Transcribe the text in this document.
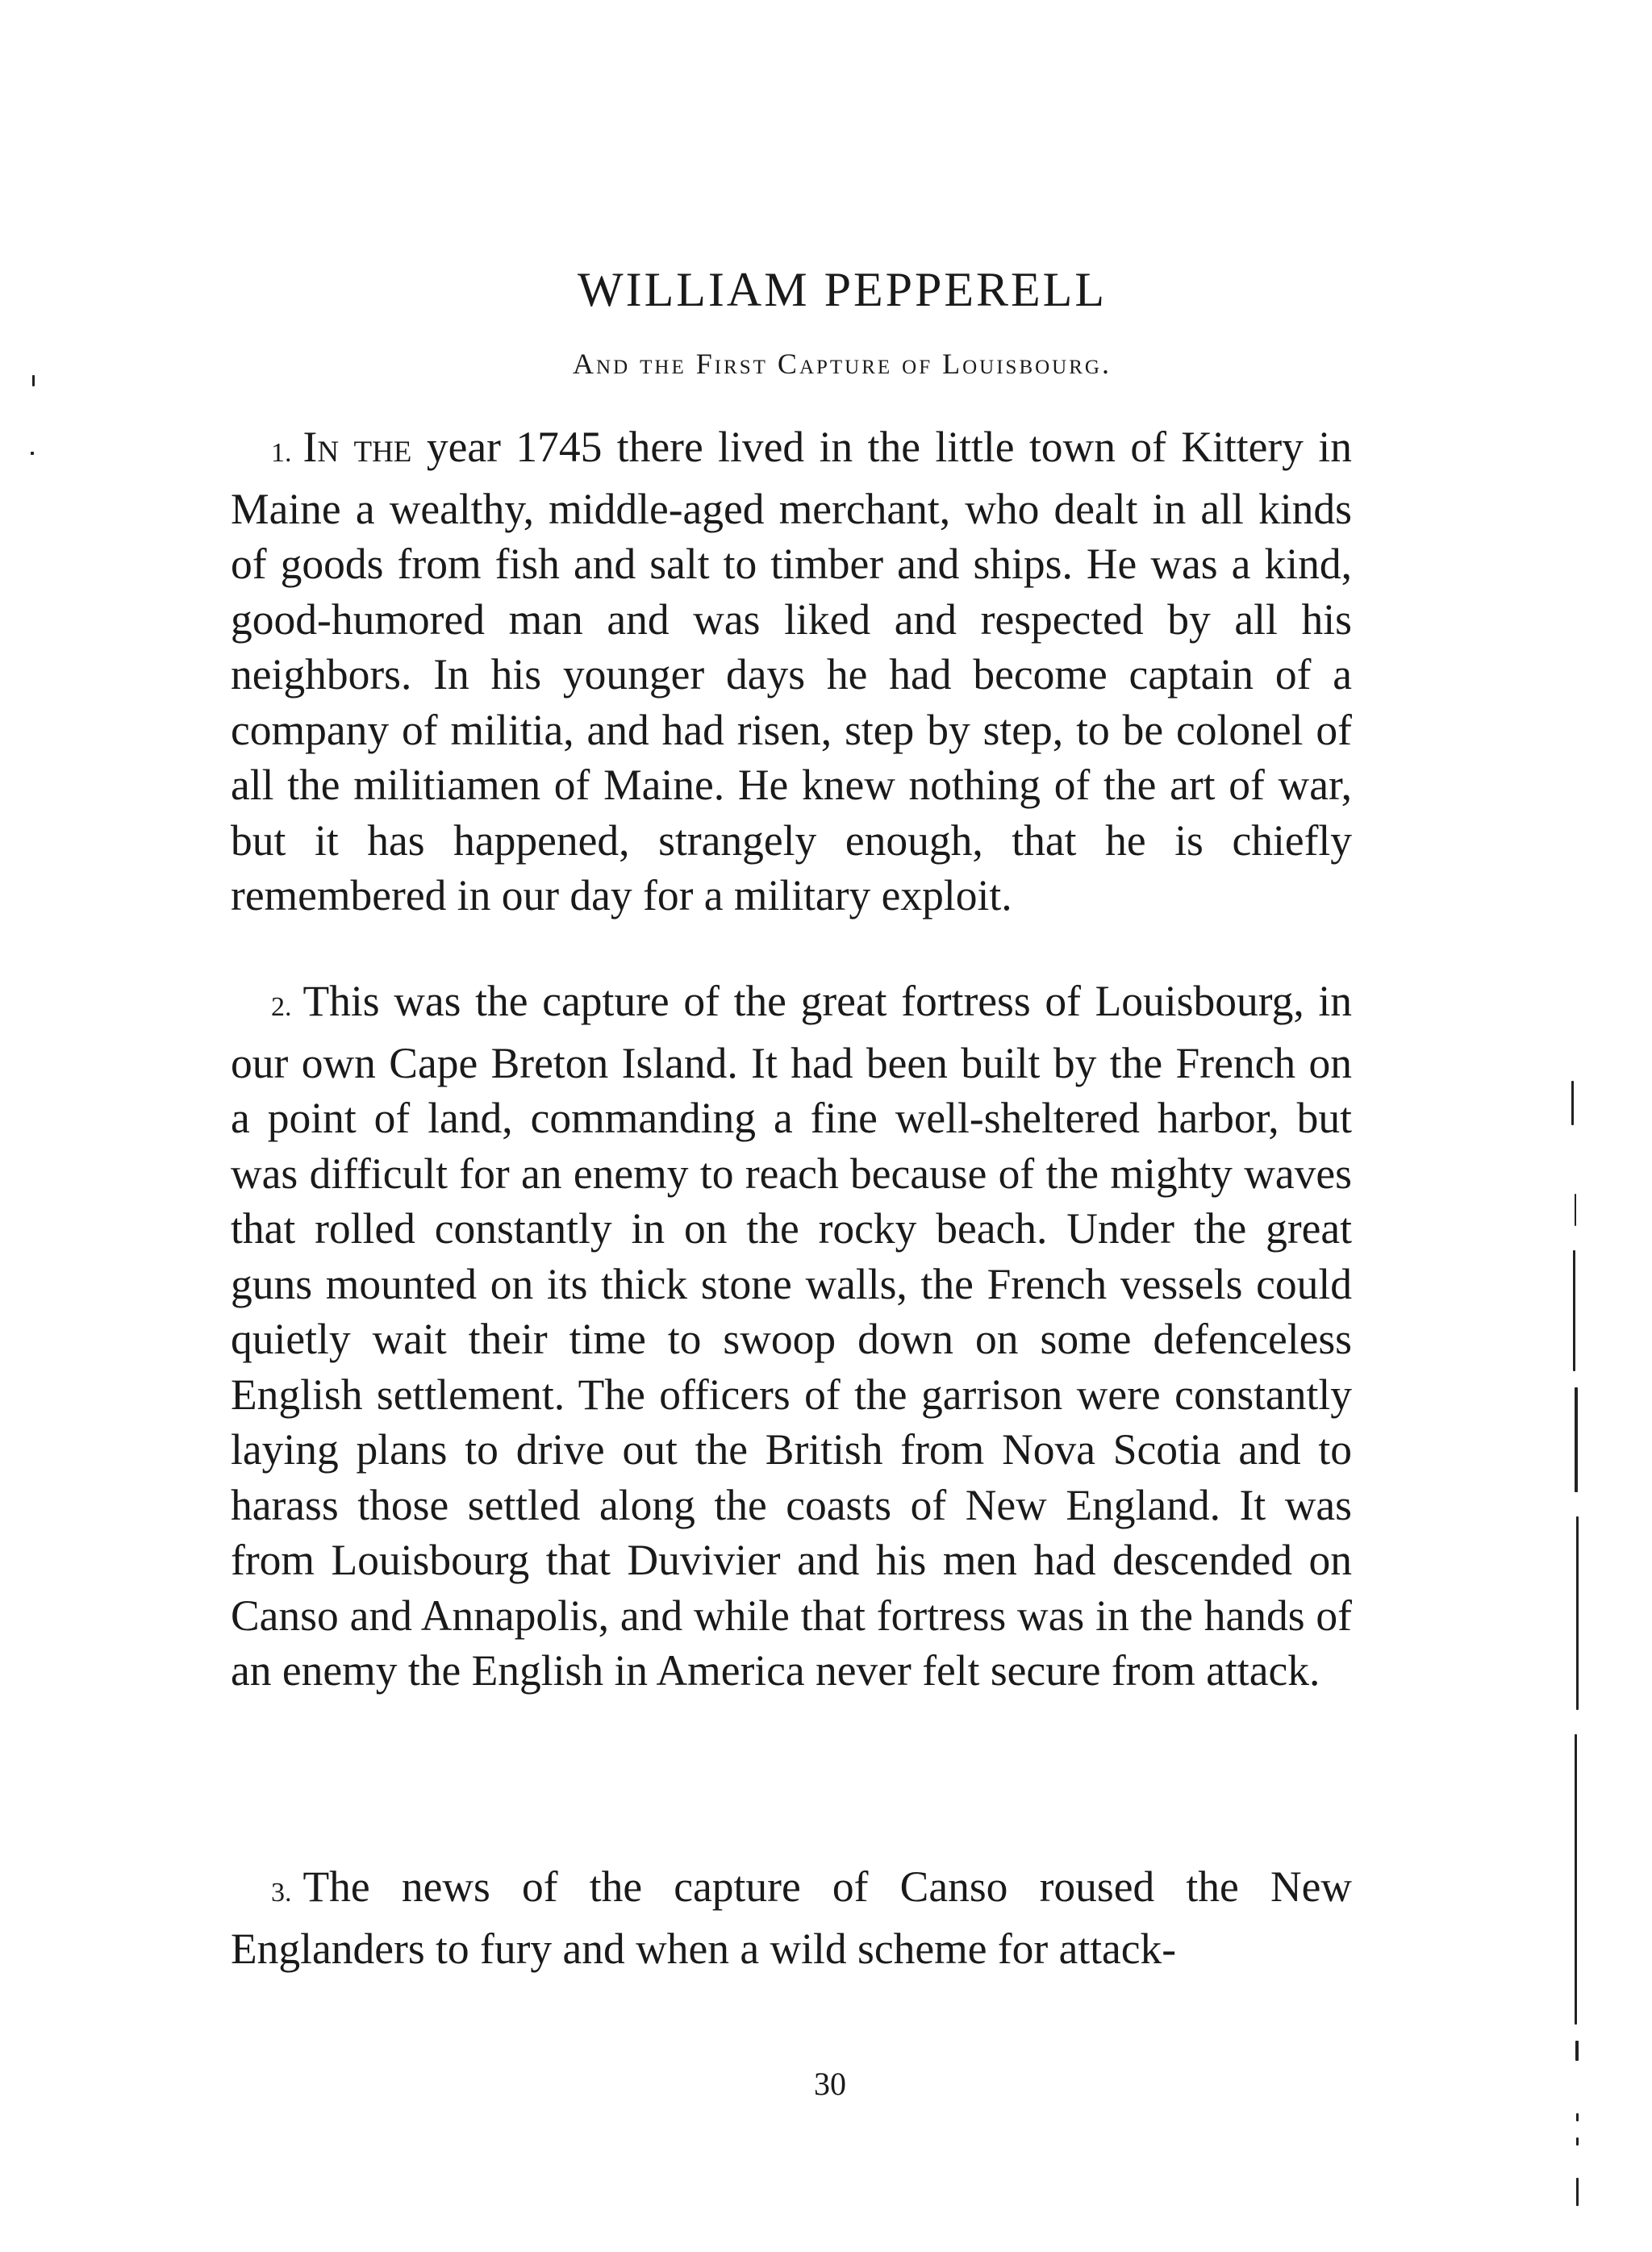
WILLIAM PEPPERELL
And the First Capture of Louisbourg.

1. In the year 1745 there lived in the little town of Kittery in Maine a wealthy, middle-aged merchant, who dealt in all kinds of goods from fish and salt to timber and ships. He was a kind, good-humored man and was liked and respected by all his neighbors. In his younger days he had become captain of a company of militia, and had risen, step by step, to be colonel of all the militiamen of Maine. He knew nothing of the art of war, but it has happened, strangely enough, that he is chiefly remembered in our day for a military exploit.

2. This was the capture of the great fortress of Louisbourg, in our own Cape Breton Island. It had been built by the French on a point of land, commanding a fine well-sheltered harbor, but was difficult for an enemy to reach because of the mighty waves that rolled constantly in on the rocky beach. Under the great guns mounted on its thick stone walls, the French vessels could quietly wait their time to swoop down on some defenceless English settlement. The officers of the garrison were constantly laying plans to drive out the British from Nova Scotia and to harass those settled along the coasts of New England. It was from Louisbourg that Duvivier and his men had descended on Canso and Annapolis, and while that fortress was in the hands of an enemy the English in America never felt secure from attack.

3. The news of the capture of Canso roused the New Englanders to fury and when a wild scheme for attack-

30
